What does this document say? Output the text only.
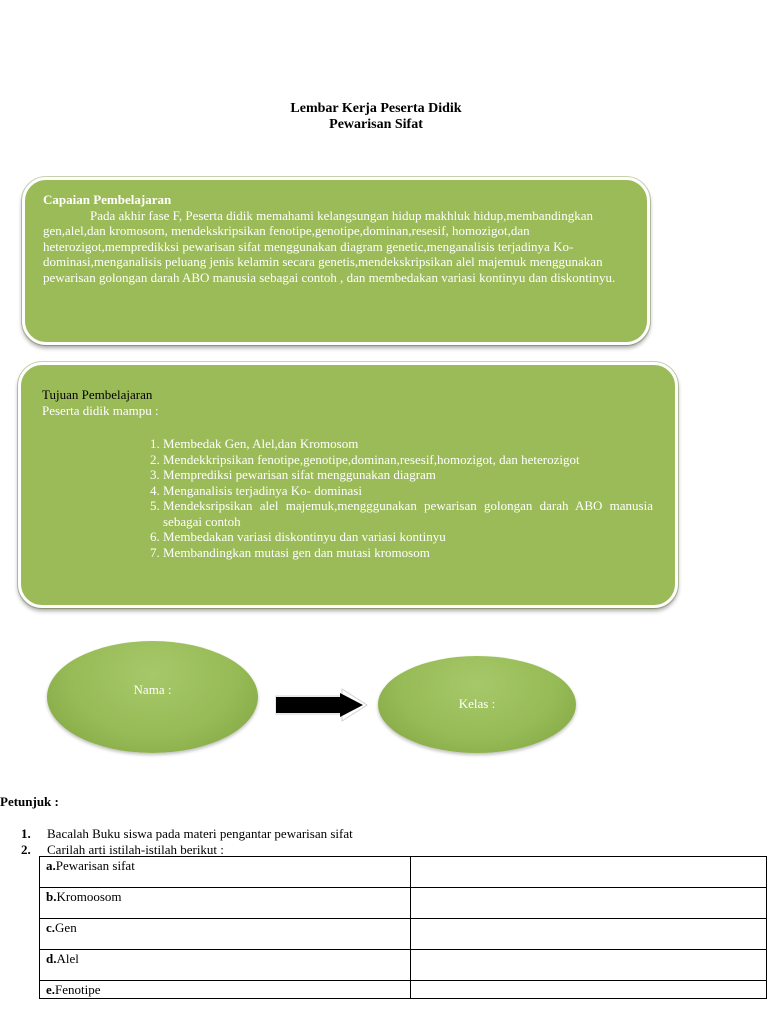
Lembar Kerja Peserta Didik
Pewarisan Sifat
Capaian Pembelajaran
Pada akhir fase F, Peserta didik memahami kelangsungan hidup makhluk hidup,membandingkan gen,alel,dan kromosom, mendekskripsikan fenotipe,genotipe,dominan,resesif, homozigot,dan heterozigot,mempredikksi pewarisan sifat menggunakan diagram genetic,menganalisis terjadinya Ko-dominasi,menganalisis peluang jenis kelamin secara genetis,mendekskripsikan alel majemuk menggunakan pewarisan golongan darah ABO manusia sebagai contoh , dan membedakan variasi kontinyu dan diskontinyu.
Tujuan Pembelajaran
Peserta didik mampu :
1. Membedak Gen, Alel,dan Kromosom
2. Mendekkripsikan fenotipe,genotipe,dominan,resesif,homozigot, dan heterozigot
3. Memprediksi pewarisan sifat menggunakan diagram
4. Menganalisis terjadinya Ko- dominasi
5. Mendeksripsikan alel majemuk,mengggunakan pewarisan golongan darah ABO manusia sebagai contoh
6. Membedakan variasi diskontinyu dan variasi kontinyu
7. Membandingkan mutasi gen dan mutasi kromosom
Nama :
Kelas :
Petunjuk :
1. Bacalah Buku siswa pada materi pengantar pewarisan sifat
2. Carilah arti istilah-istilah berikut :
a.Pewarisan sifat	
b.Kromoosom	
c.Gen	
d.Alel	
e.Fenotipe	
